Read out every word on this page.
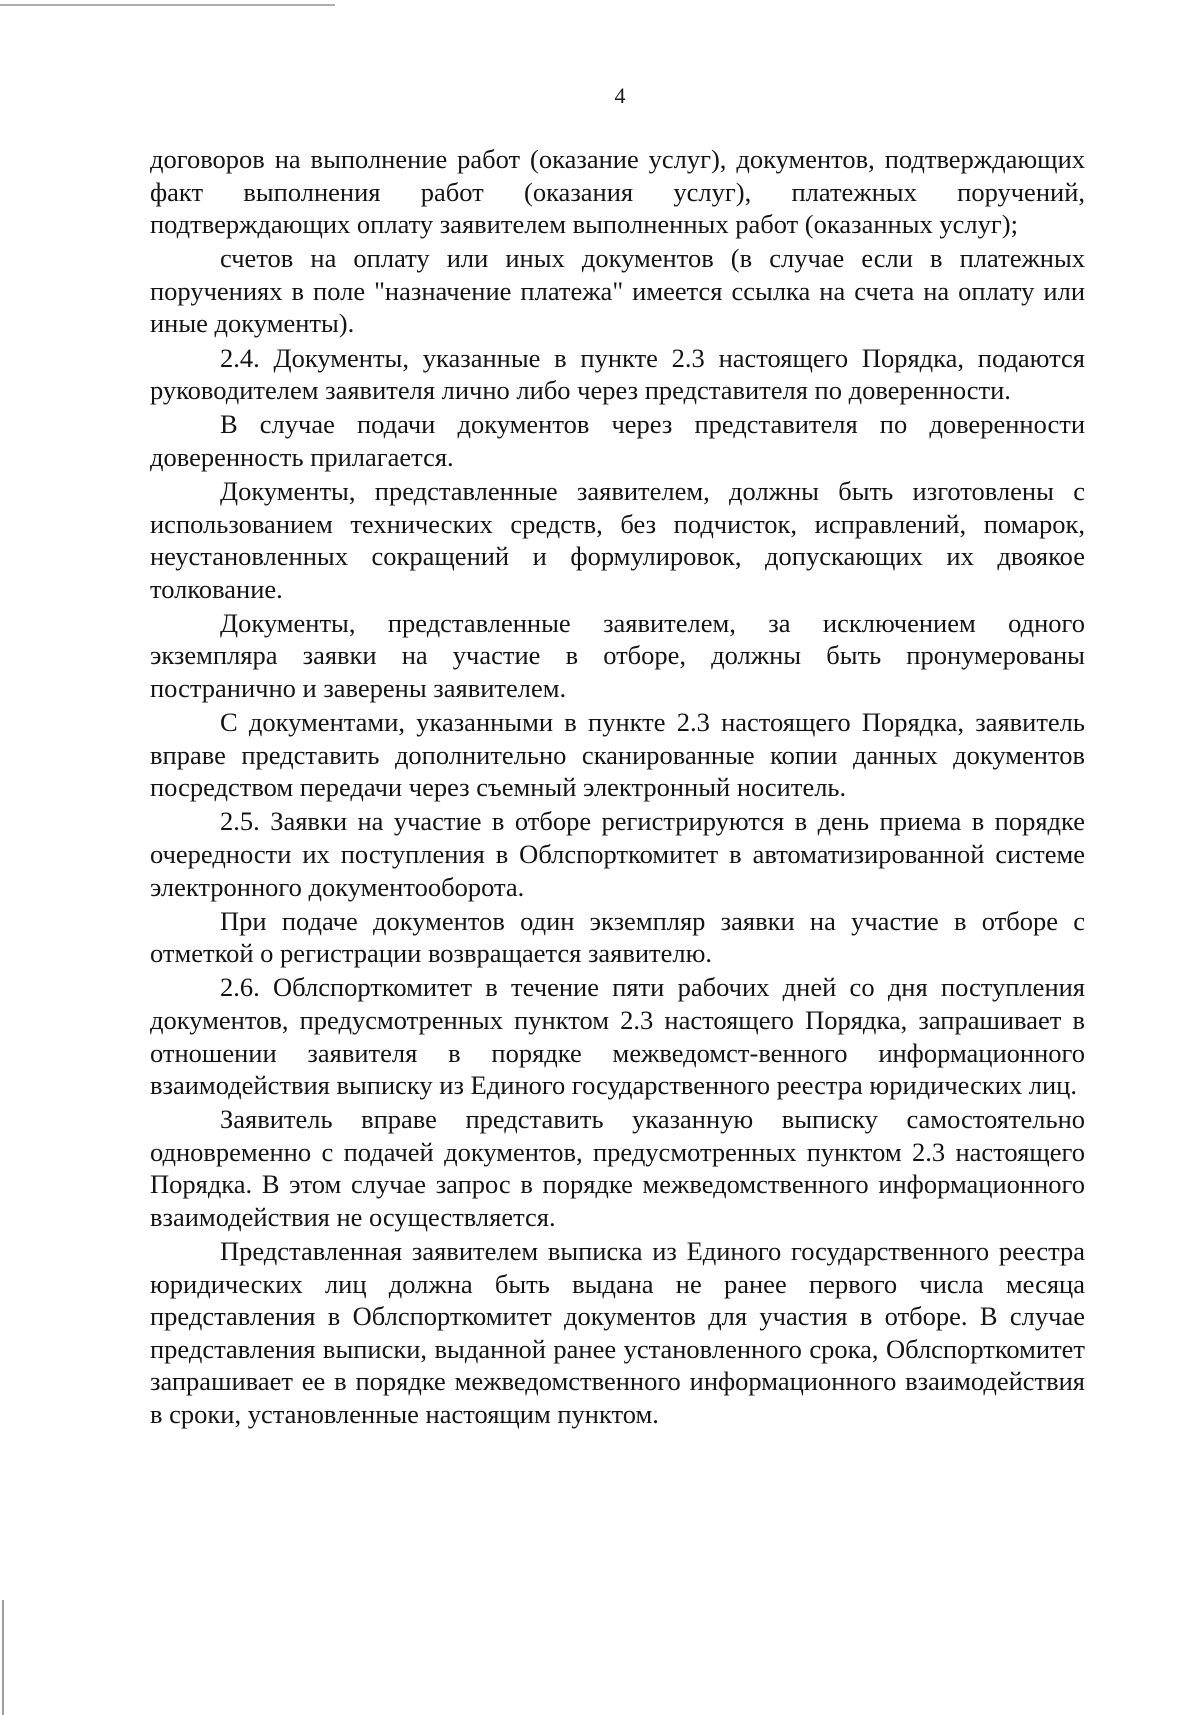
4

договоров на выполнение работ (оказание услуг), документов, подтверждающих факт выполнения работ (оказания услуг), платежных поручений, подтверждающих оплату заявителем выполненных работ (оказанных услуг);

счетов на оплату или иных документов (в случае если в платежных поручениях в поле "назначение платежа" имеется ссылка на счета на оплату или иные документы).

2.4. Документы, указанные в пункте 2.3 настоящего Порядка, подаются руководителем заявителя лично либо через представителя по доверенности.

В случае подачи документов через представителя по доверенности доверенность прилагается.

Документы, представленные заявителем, должны быть изготовлены с использованием технических средств, без подчисток, исправлений, помарок, неустановленных сокращений и формулировок, допускающих их двоякое толкование.

Документы, представленные заявителем, за исключением одного экземпляра заявки на участие в отборе, должны быть пронумерованы постранично и заверены заявителем.

С документами, указанными в пункте 2.3 настоящего Порядка, заявитель вправе представить дополнительно сканированные копии данных документов посредством передачи через съемный электронный носитель.

2.5. Заявки на участие в отборе регистрируются в день приема в порядке очередности их поступления в Облспорткомитет в автоматизированной системе электронного документооборота.

При подаче документов один экземпляр заявки на участие в отборе с отметкой о регистрации возвращается заявителю.

2.6. Облспорткомитет в течение пяти рабочих дней со дня поступления документов, предусмотренных пунктом 2.3 настоящего Порядка, запрашивает в отношении заявителя в порядке межведомст-венного информационного взаимодействия выписку из Единого государственного реестра юридических лиц.

Заявитель вправе представить указанную выписку самостоятельно одновременно с подачей документов, предусмотренных пунктом 2.3 настоящего Порядка. В этом случае запрос в порядке межведомственного информационного взаимодействия не осуществляется.

Представленная заявителем выписка из Единого государственного реестра юридических лиц должна быть выдана не ранее первого числа месяца представления в Облспорткомитет документов для участия в отборе. В случае представления выписки, выданной ранее установленного срока, Облспорткомитет запрашивает ее в порядке межведомственного информационного взаимодействия в сроки, установленные настоящим пунктом.
